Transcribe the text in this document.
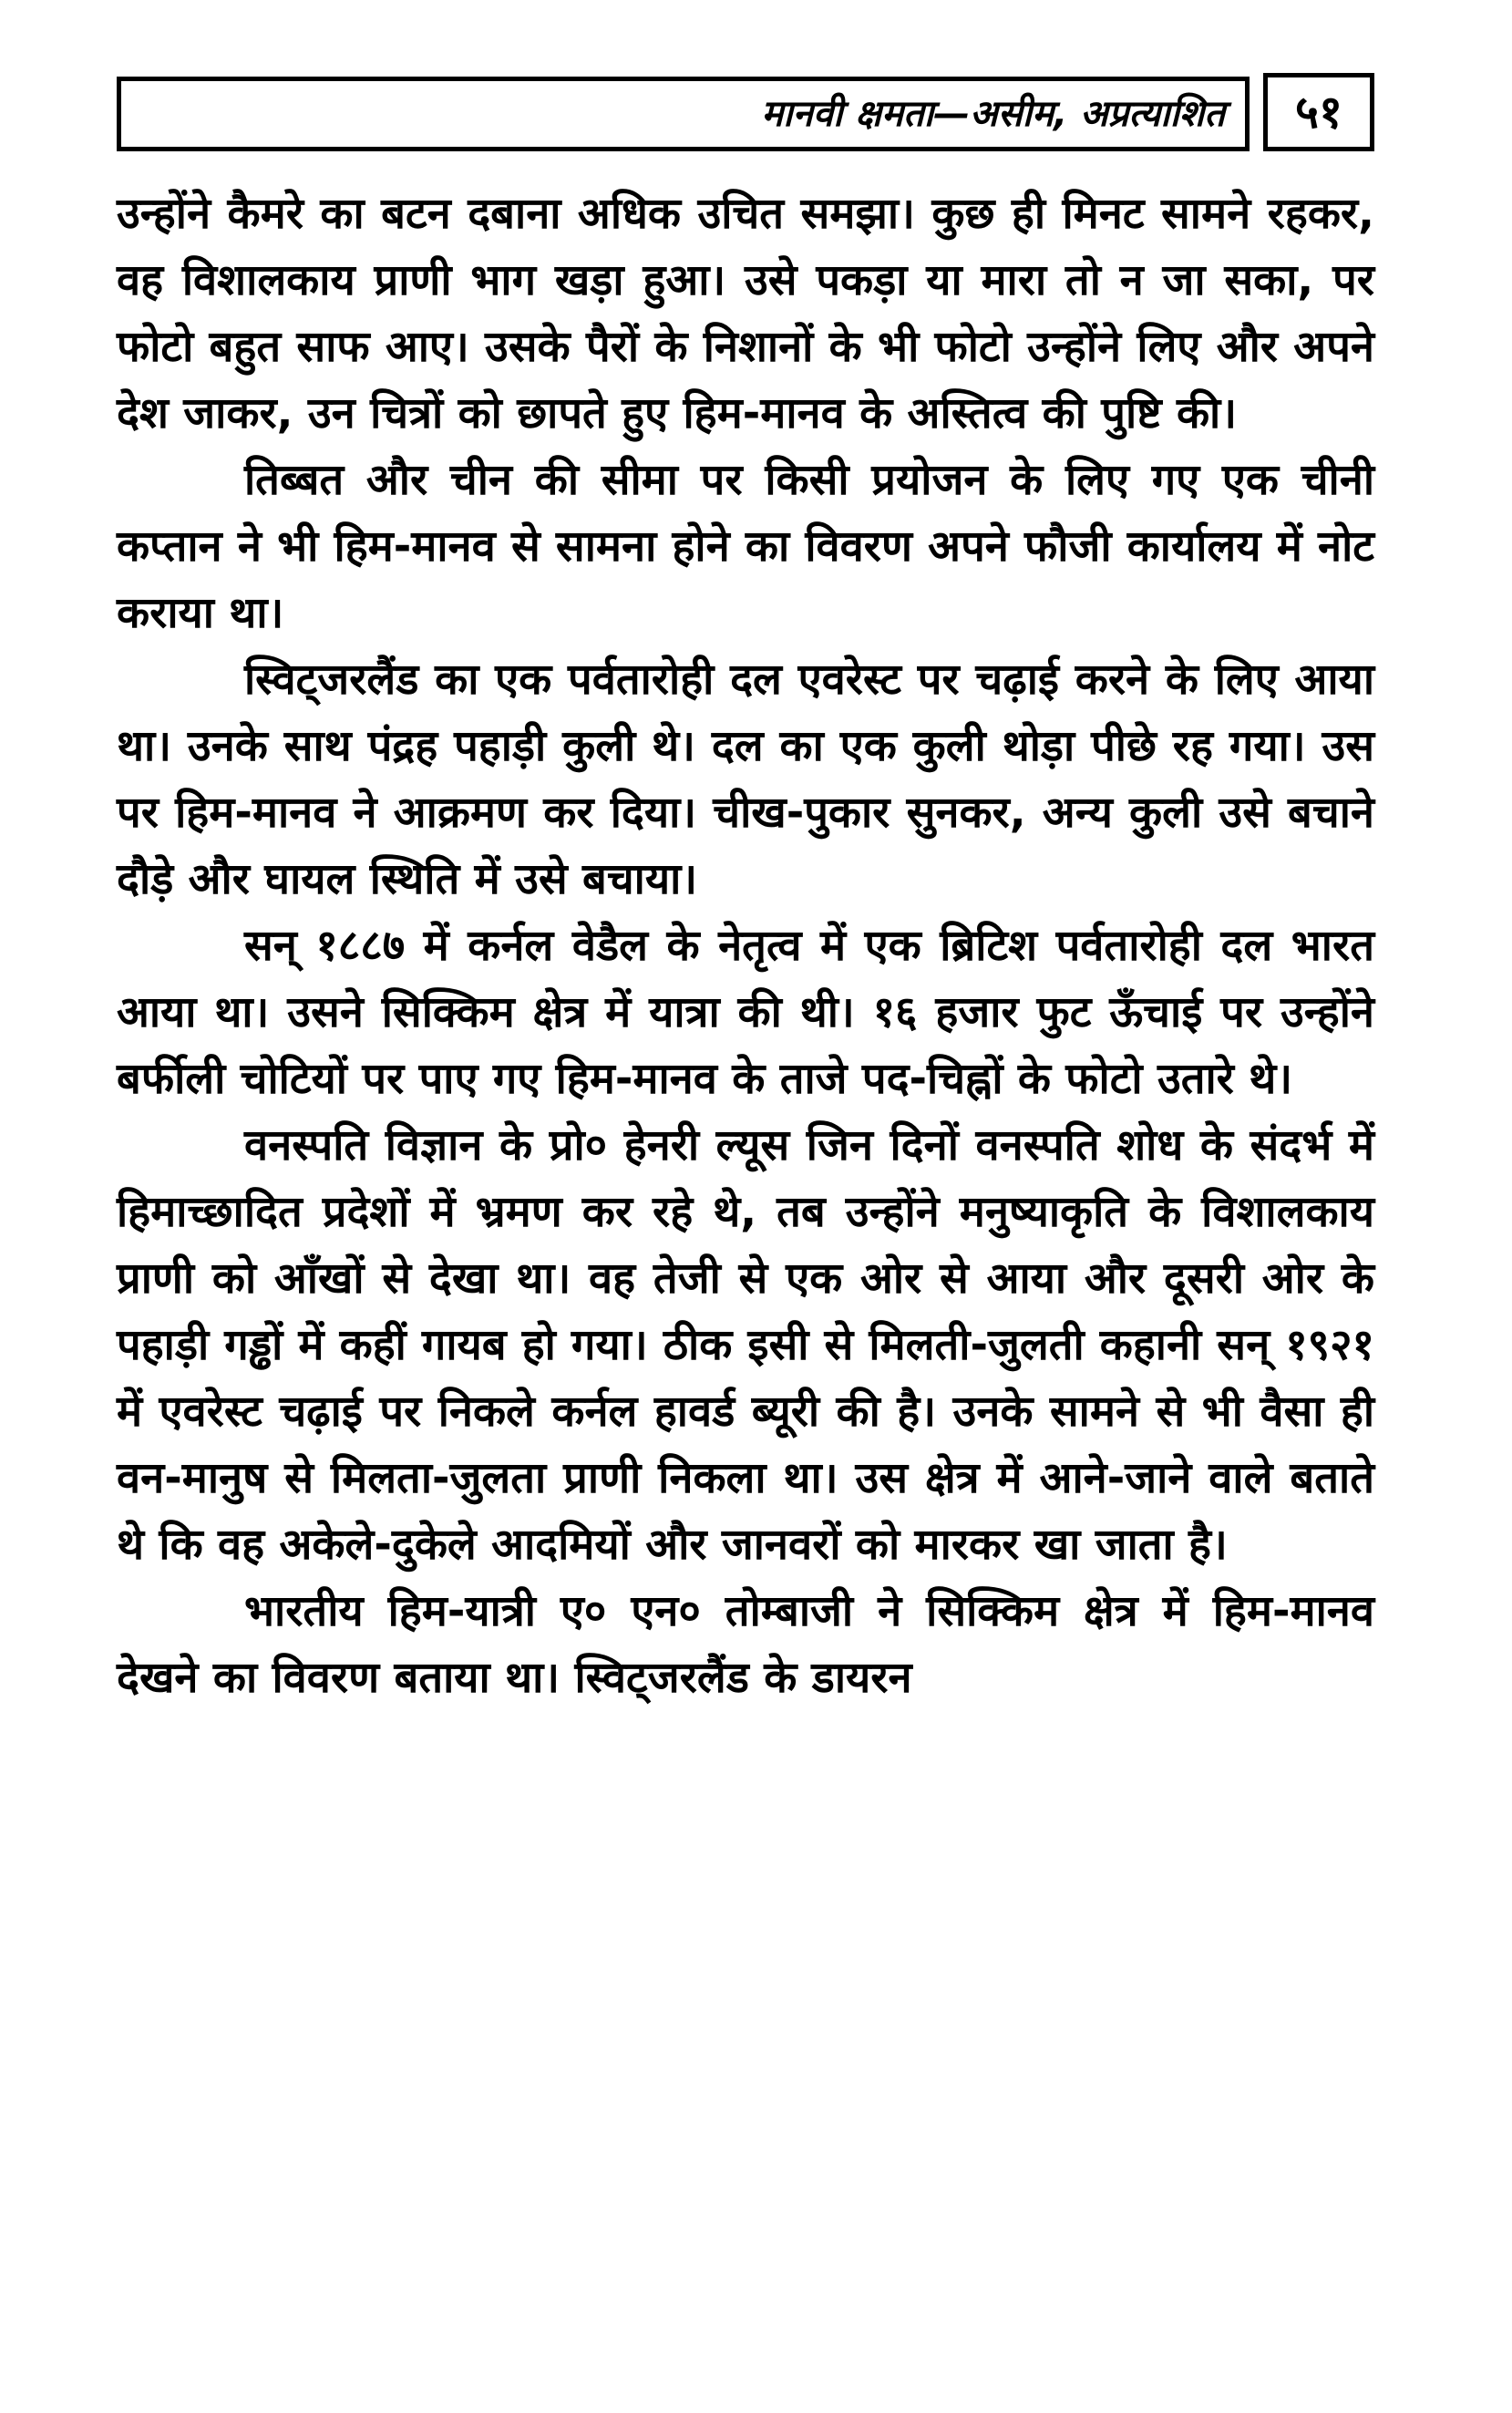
मानवी क्षमता—असीम, अप्रत्याशित ५१

उन्होंने कैमरे का बटन दबाना अधिक उचित समझा। कुछ ही मिनट सामने रहकर, वह विशालकाय प्राणी भाग खड़ा हुआ। उसे पकड़ा या मारा तो न जा सका, पर फोटो बहुत साफ आए। उसके पैरों के निशानों के भी फोटो उन्होंने लिए और अपने देश जाकर, उन चित्रों को छापते हुए हिम-मानव के अस्तित्व की पुष्टि की।

तिब्बत और चीन की सीमा पर किसी प्रयोजन के लिए गए एक चीनी कप्तान ने भी हिम-मानव से सामना होने का विवरण अपने फौजी कार्यालय में नोट कराया था।

स्विट्जरलैंड का एक पर्वतारोही दल एवरेस्ट पर चढ़ाई करने के लिए आया था। उनके साथ पंद्रह पहाड़ी कुली थे। दल का एक कुली थोड़ा पीछे रह गया। उस पर हिम-मानव ने आक्रमण कर दिया। चीख-पुकार सुनकर, अन्य कुली उसे बचाने दौड़े और घायल स्थिति में उसे बचाया।

सन् १८८७ में कर्नल वेडैल के नेतृत्व में एक ब्रिटिश पर्वतारोही दल भारत आया था। उसने सिक्किम क्षेत्र में यात्रा की थी। १६ हजार फुट ऊँचाई पर उन्होंने बर्फीली चोटियों पर पाए गए हिम-मानव के ताजे पद-चिह्नों के फोटो उतारे थे।

वनस्पति विज्ञान के प्रो० हेनरी ल्यूस जिन दिनों वनस्पति शोध के संदर्भ में हिमाच्छादित प्रदेशों में भ्रमण कर रहे थे, तब उन्होंने मनुष्याकृति के विशालकाय प्राणी को आँखों से देखा था। वह तेजी से एक ओर से आया और दूसरी ओर के पहाड़ी गड्ढों में कहीं गायब हो गया। ठीक इसी से मिलती-जुलती कहानी सन् १९२१ में एवरेस्ट चढ़ाई पर निकले कर्नल हावर्ड ब्यूरी की है। उनके सामने से भी वैसा ही वन-मानुष से मिलता-जुलता प्राणी निकला था। उस क्षेत्र में आने-जाने वाले बताते थे कि वह अकेले-दुकेले आदमियों और जानवरों को मारकर खा जाता है।

भारतीय हिम-यात्री ए० एन० तोम्बाजी ने सिक्किम क्षेत्र में हिम-मानव देखने का विवरण बताया था। स्विट्जरलैंड के डायरन
